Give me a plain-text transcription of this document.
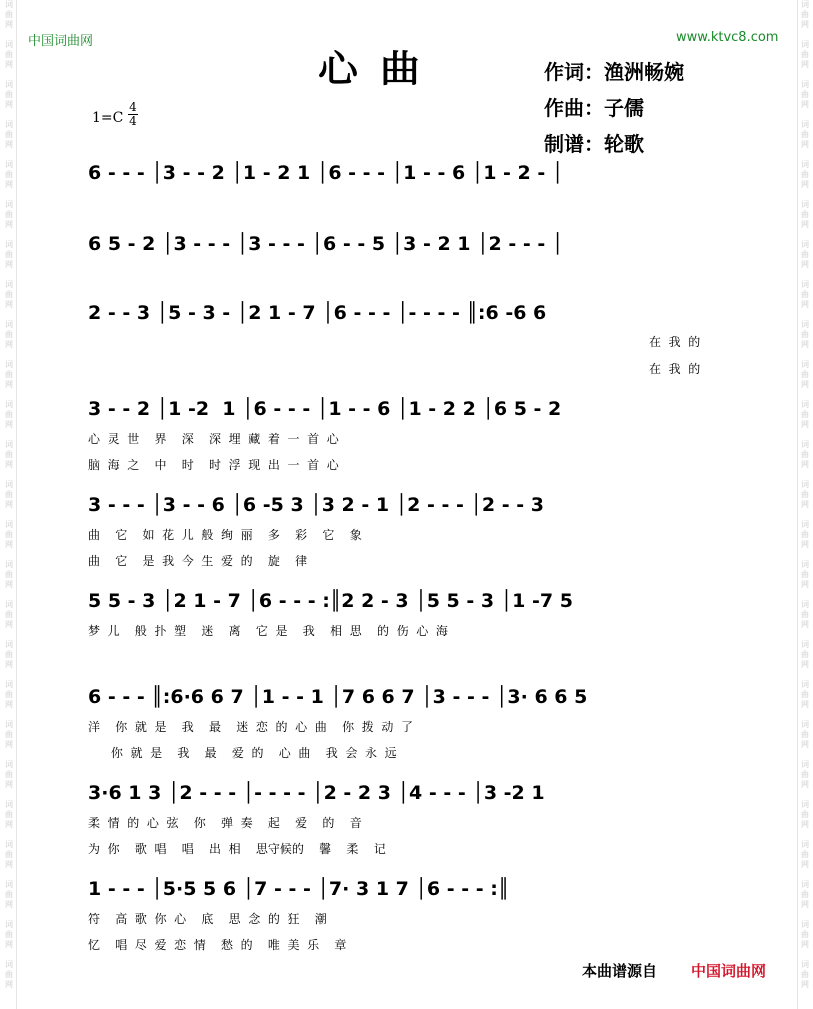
词
曲
网

词
曲
网

词
曲
网

词
曲
网

词
曲
网

词
曲
网

词
曲
网

词
曲
网

词
曲
网

词
曲
网

词
曲
网

词
曲
网

词
曲
网

词
曲
网

词
曲
网

词
曲
网

词
曲
网

词
曲
网

词
曲
网

词
曲
网

词
曲
网

词
曲
网

词
曲
网

词
曲
网

词
曲
网
词
曲
网

词
曲
网

词
曲
网

词
曲
网

词
曲
网

词
曲
网

词
曲
网

词
曲
网

词
曲
网

词
曲
网

词
曲
网

词
曲
网

词
曲
网

词
曲
网

词
曲
网

词
曲
网

词
曲
网

词
曲
网

词
曲
网

词
曲
网

词
曲
网

词
曲
网

词
曲
网

词
曲
网

词
曲
网
中国词曲网	www.ktvc8.com
心曲	作词：渔洲畅婉
作曲：子儒
制谱：轮歌
1=C
4
4
6 - - - │3 - - 2 │1 - 2 1 │6 - - - │1 - - 6 │1 - 2 - │
6 5 - 2 │3 - - - │3 - - - │6 - - 5 │3 - 2 1 │2 - - - │
2 - - 3 │5 - 3 - │2 1 - 7 │6 - - - │- - - - ║:6 -6 6
在  我  的
在  我  的
3 - - 2 │1 -2  1 │6 - - - │1 - - 6 │1 - 2 2 │6 5 - 2
心  灵  世    界    深    深  埋  藏  着  一  首  心
脑  海  之    中    时    时  浮  现  出  一  首  心
3 - - - │3 - - 6 │6 -5 3 │3 2 - 1 │2 - - - │2 - - 3
曲    它    如  花  儿  般  绚  丽    多    彩    它    象
曲    它    是  我  今  生  爱  的    旋    律
5 5 - 3 │2 1 - 7 │6 - - - :║2 2 - 3 │5 5 - 3 │1 -7 5
梦  儿    般  扑  塑    迷    离    它  是    我    相  思    的  伤  心  海
6 - - - ║:6·6 6 7 │1 - - 1 │7 6 6 7 │3 - - - │3· 6 6 5
洋    你  就  是    我    最    迷  恋  的  心  曲    你  拨  动  了
你  就  是    我    最    爱  的    心  曲    我  会  永  远
3·6 1 3 │2 - - - │- - - - │2 - 2 3 │4 - - - │3 -2 1
柔  情  的  心  弦    你    弹  奏    起    爱    的    音
为  你    歌  唱    唱    出  相    思守候的    馨    柔    记
1 - - - │5·5 5 6 │7 - - - │7· 3 1 7 │6 - - - :║
符    高  歌  你  心    底    思  念  的  狂    潮
忆    唱  尽  爱  恋  情    愁  的    唯  美  乐    章
本曲谱源自 中国词曲网
